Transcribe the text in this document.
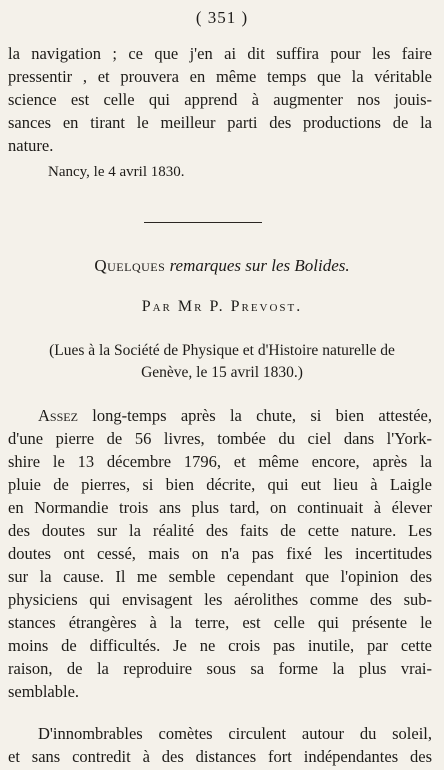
( 351 )
la navigation ; ce que j'en ai dit suffira pour les faire
pressentir , et prouvera en même temps que la véritable
science est celle qui apprend à augmenter nos jouis-
sances en tirant le meilleur parti des productions de la
nature.
Nancy, le 4 avril 1830.
Quelques remarques sur les Bolides.
Par Mr P. Prevost.
(Lues à la Société de Physique et d'Histoire naturelle de
Genève, le 15 avril 1830.)
Assez long-temps après la chute, si bien attestée,
d'une pierre de 56 livres, tombée du ciel dans l'York-
shire le 13 décembre 1796, et même encore, après la
pluie de pierres, si bien décrite, qui eut lieu à Laigle
en Normandie trois ans plus tard, on continuait à élever
des doutes sur la réalité des faits de cette nature. Les
doutes ont cessé, mais on n'a pas fixé les incertitudes
sur la cause. Il me semble cependant que l'opinion des
physiciens qui envisagent les aérolithes comme des sub-
stances étrangères à la terre, est celle qui présente le
moins de difficultés. Je ne crois pas inutile, par cette
raison, de la reproduire sous sa forme la plus vrai-
semblable.
D'innombrables comètes circulent autour du soleil,
et sans contredit à des distances fort indépendantes des
